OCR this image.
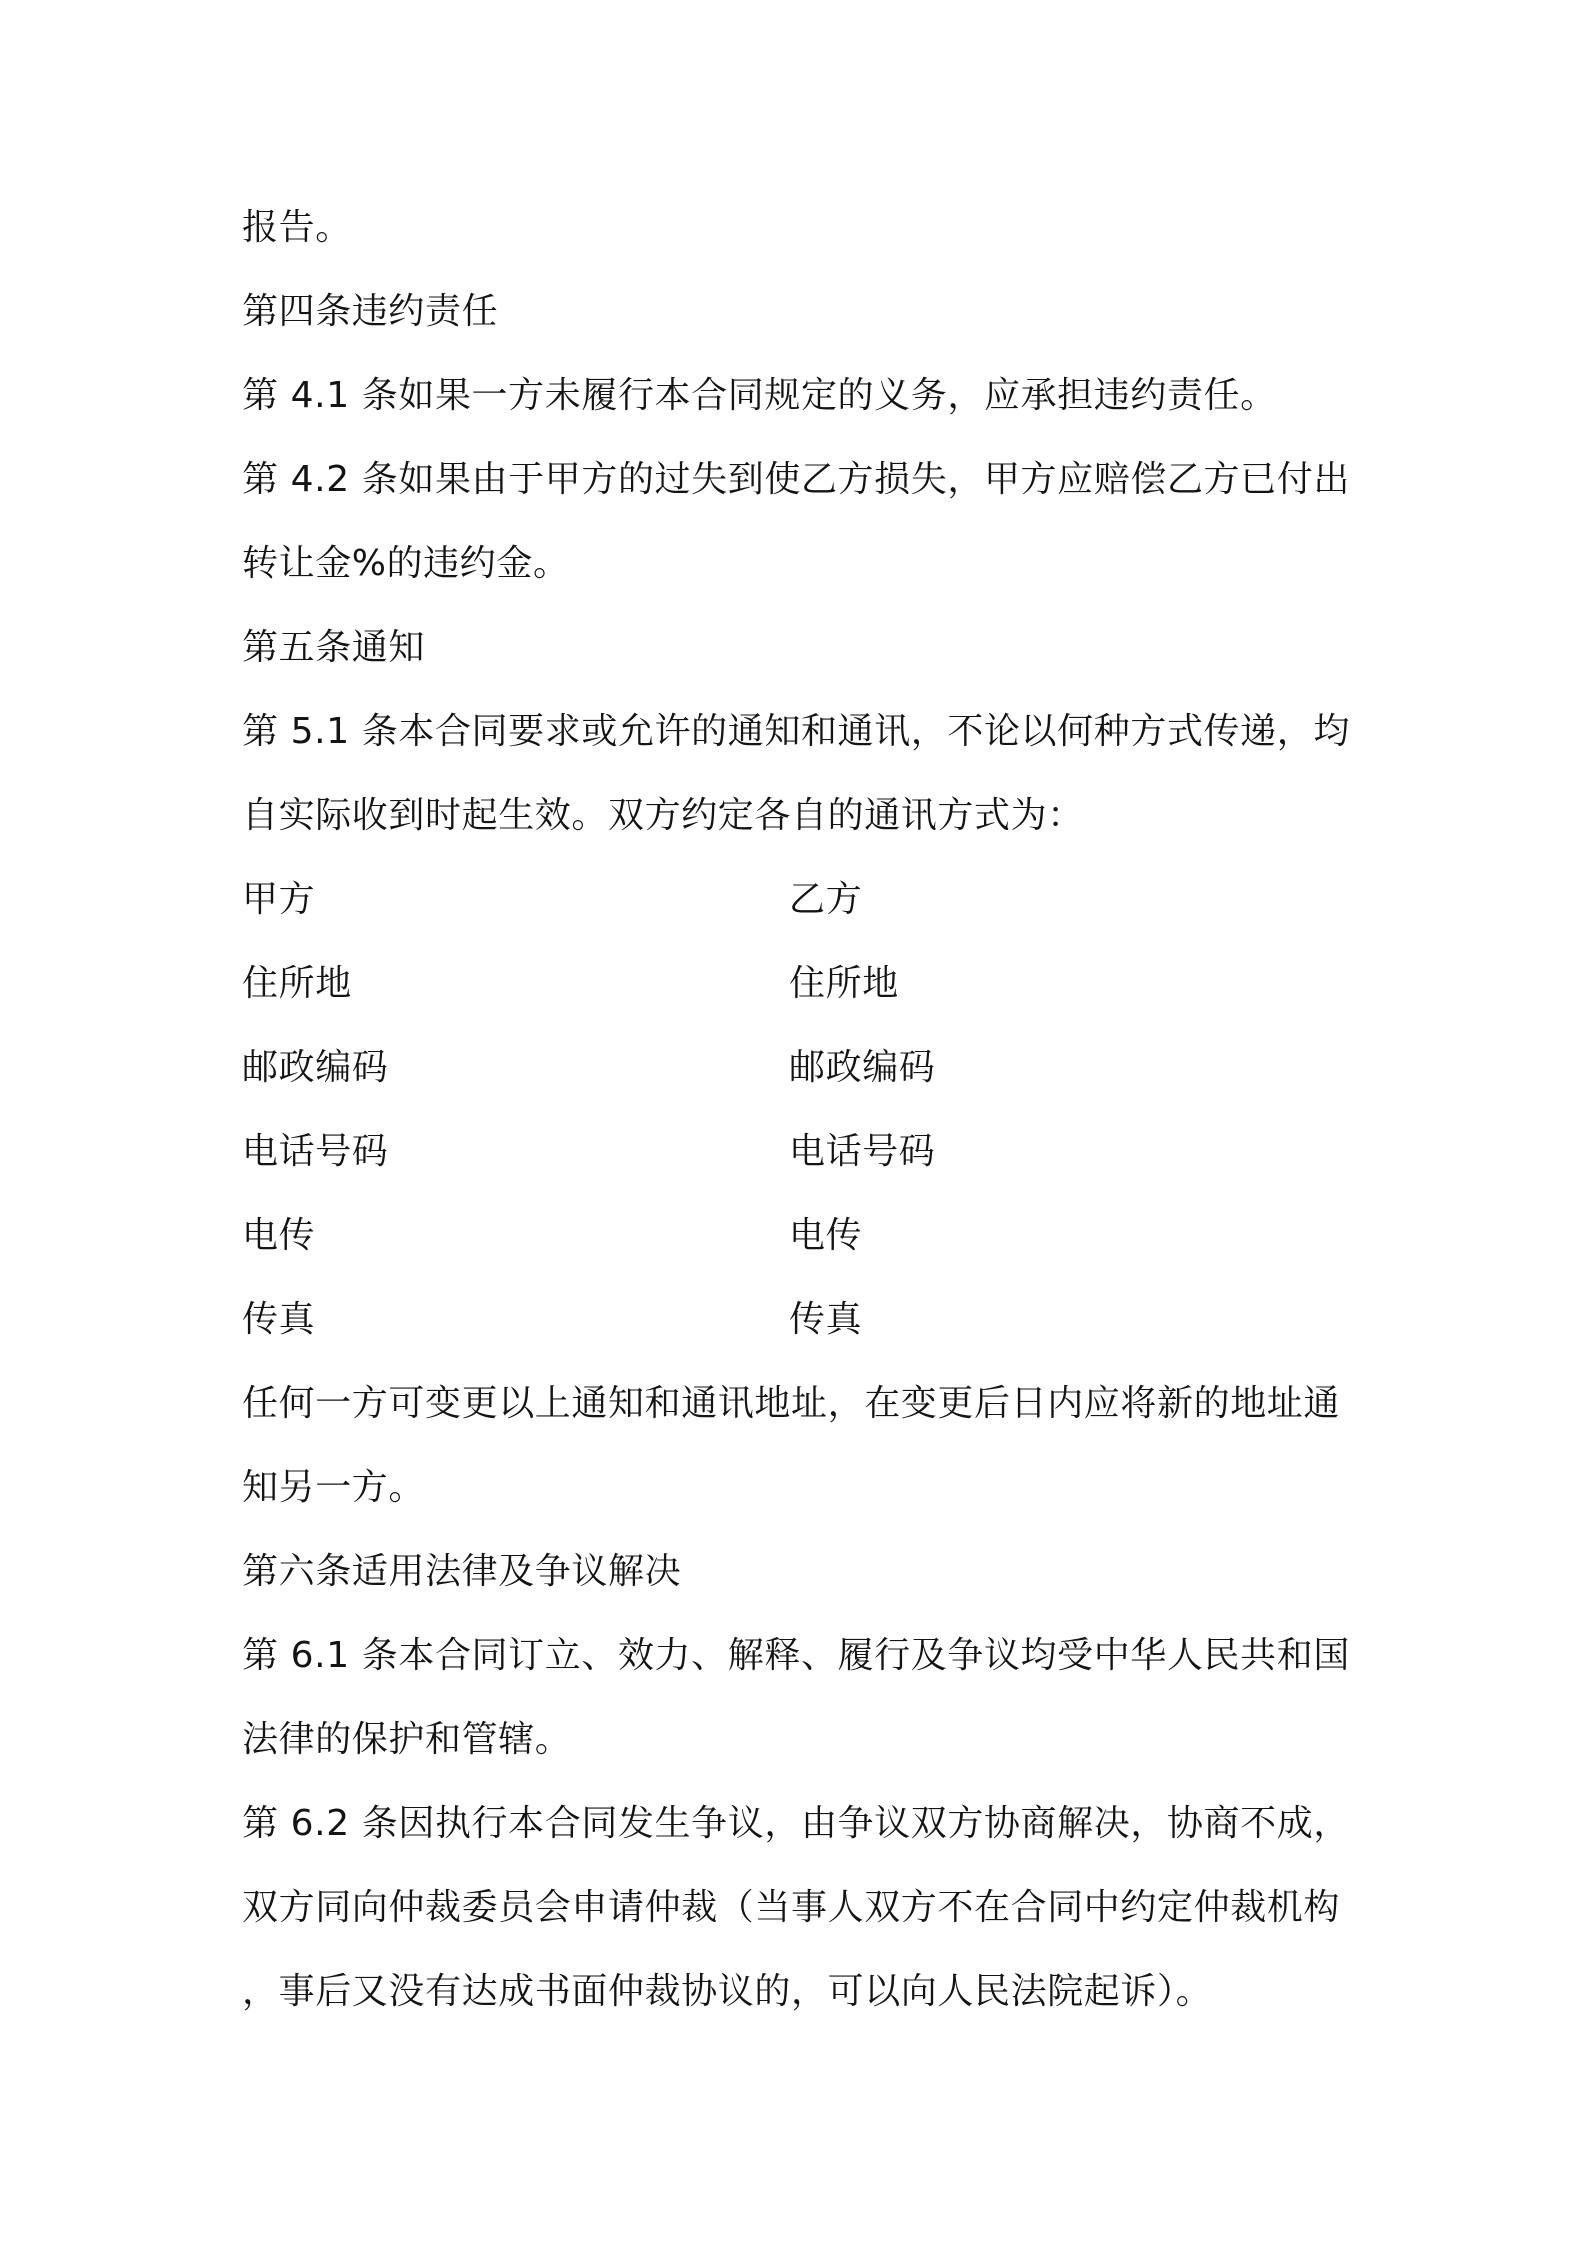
报告。
第四条违约责任
第 4.1 条如果一方未履行本合同规定的义务，应承担违约责任。
第 4.2 条如果由于甲方的过失到使乙方损失，甲方应赔偿乙方已付出
转让金%的违约金。
第五条通知
第 5.1 条本合同要求或允许的通知和通讯，不论以何种方式传递，均
自实际收到时起生效。双方约定各自的通讯方式为：
甲方	乙方
住所地	住所地
邮政编码	邮政编码
电话号码	电话号码
电传	电传
传真	传真
任何一方可变更以上通知和通讯地址，在变更后日内应将新的地址通
知另一方。
第六条适用法律及争议解决
第 6.1 条本合同订立、效力、解释、履行及争议均受中华人民共和国
法律的保护和管辖。
第 6.2 条因执行本合同发生争议，由争议双方协商解决，协商不成，
双方同向仲裁委员会申请仲裁（当事人双方不在合同中约定仲裁机构
，事后又没有达成书面仲裁协议的，可以向人民法院起诉）。
